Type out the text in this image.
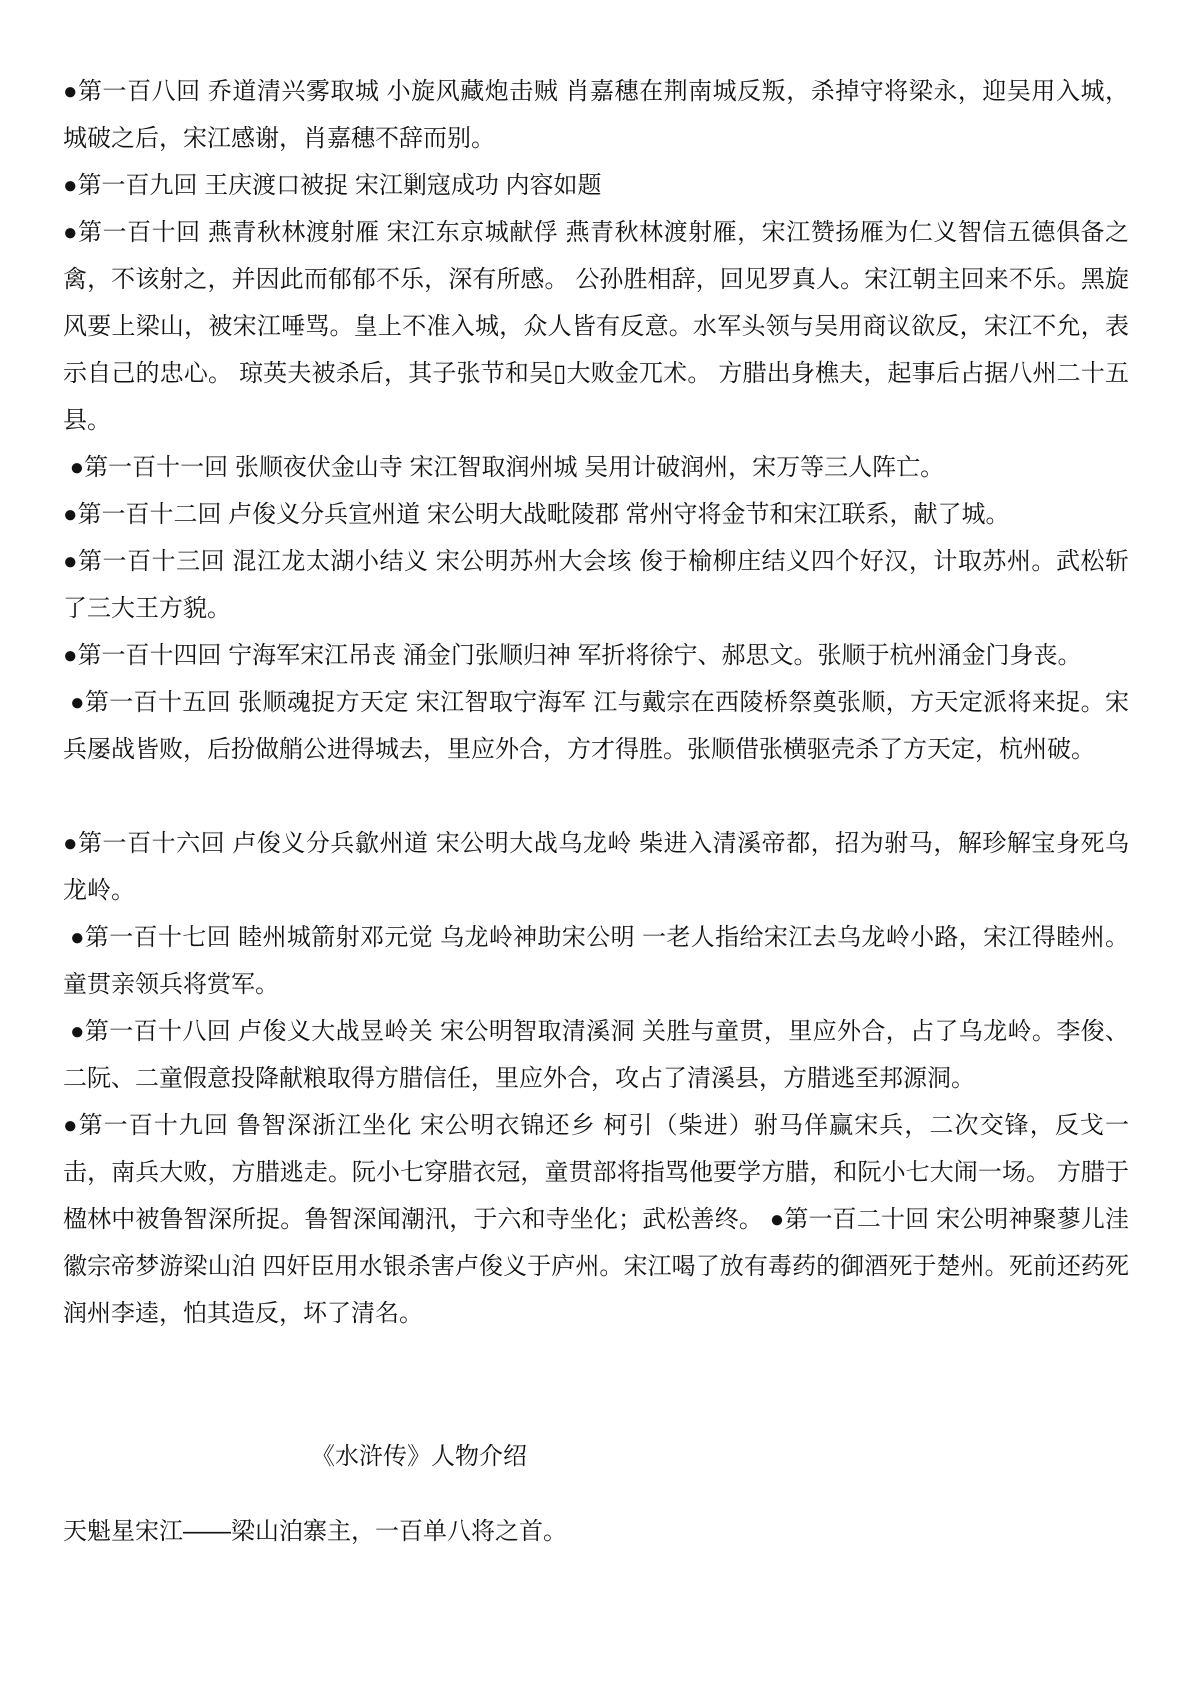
●第一百八回 乔道清兴雾取城 小旋风藏炮击贼 肖嘉穗在荆南城反叛，杀掉守将梁永，迎吴用入城，城破之后，宋江感谢，肖嘉穗不辞而别。

●第一百九回 王庆渡口被捉 宋江剿寇成功 内容如题

●第一百十回 燕青秋林渡射雁 宋江东京城献俘 燕青秋林渡射雁，宋江赞扬雁为仁义智信五德俱备之禽，不该射之，并因此而郁郁不乐，深有所感。 公孙胜相辞，回见罗真人。宋江朝主回来不乐。黑旋风要上梁山，被宋江唾骂。皇上不准入城，众人皆有反意。水军头领与吴用商议欲反，宋江不允，表示自己的忠心。 琼英夫被杀后，其子张节和吴▯大败金兀术。 方腊出身樵夫，起事后占据八州二十五县。

●第一百十一回 张顺夜伏金山寺 宋江智取润州城 吴用计破润州，宋万等三人阵亡。

●第一百十二回 卢俊义分兵宣州道 宋公明大战毗陵郡 常州守将金节和宋江联系，献了城。

●第一百十三回 混江龙太湖小结义 宋公明苏州大会垓 俊于榆柳庄结义四个好汉，计取苏州。武松斩了三大王方貌。

●第一百十四回 宁海军宋江吊丧 涌金门张顺归神 军折将徐宁、郝思文。张顺于杭州涌金门身丧。

●第一百十五回 张顺魂捉方天定 宋江智取宁海军 江与戴宗在西陵桥祭奠张顺，方天定派将来捉。宋兵屡战皆败，后扮做艄公进得城去，里应外合，方才得胜。张顺借张横驱壳杀了方天定，杭州破。

●第一百十六回 卢俊义分兵歙州道 宋公明大战乌龙岭 柴进入清溪帝都，招为驸马，解珍解宝身死乌龙岭。

●第一百十七回 睦州城箭射邓元觉 乌龙岭神助宋公明 一老人指给宋江去乌龙岭小路，宋江得睦州。童贯亲领兵将赏军。

●第一百十八回 卢俊义大战昱岭关 宋公明智取清溪洞 关胜与童贯，里应外合，占了乌龙岭。李俊、二阮、二童假意投降献粮取得方腊信任，里应外合，攻占了清溪县，方腊逃至邦源洞。

●第一百十九回 鲁智深浙江坐化 宋公明衣锦还乡 柯引（柴进）驸马佯赢宋兵，二次交锋，反戈一击，南兵大败，方腊逃走。阮小七穿腊衣冠，童贯部将指骂他要学方腊，和阮小七大闹一场。 方腊于楹林中被鲁智深所捉。鲁智深闻潮汛，于六和寺坐化；武松善终。 ●第一百二十回 宋公明神聚蓼儿洼 徽宗帝梦游梁山泊 四奸臣用水银杀害卢俊义于庐州。宋江喝了放有毒药的御酒死于楚州。死前还药死润州李逵，怕其造反，坏了清名。

《水浒传》人物介绍

天魁星宋江——梁山泊寨主，一百单八将之首。
